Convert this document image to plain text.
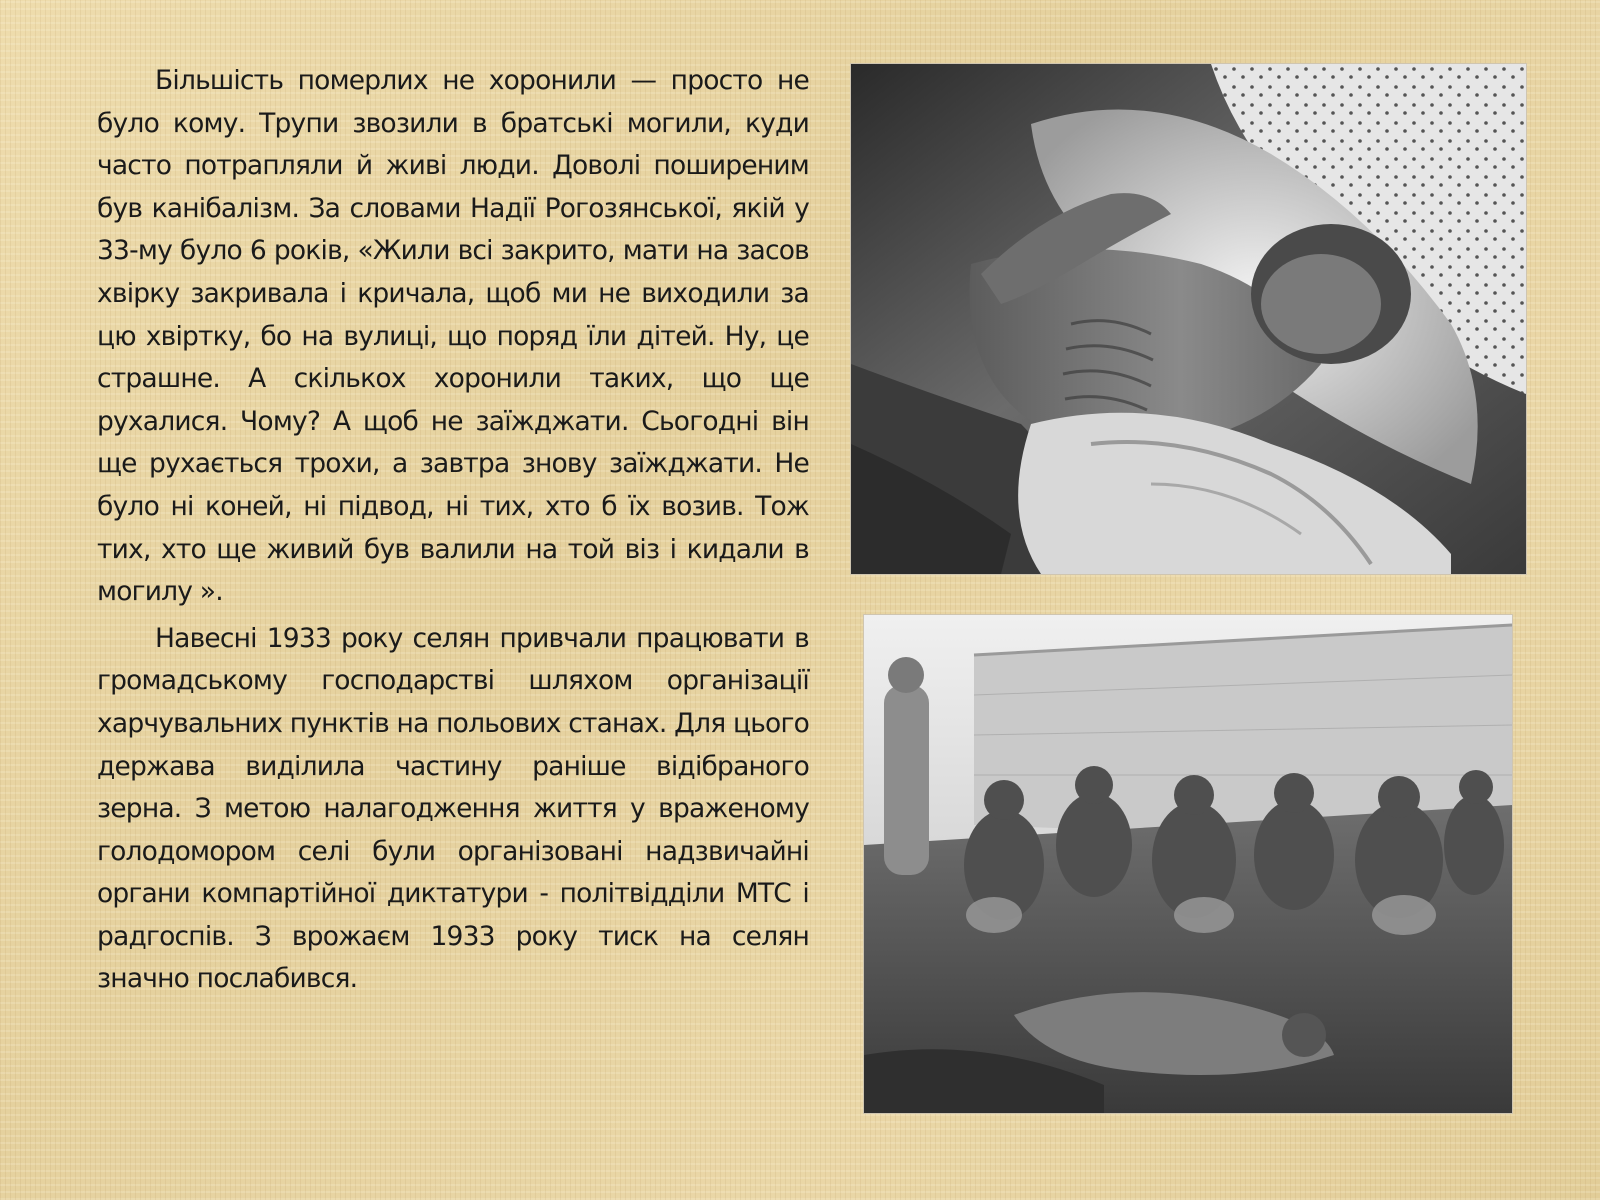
Більшість померлих не хоронили — просто не було кому. Трупи звозили в братські могили, куди часто потрапляли й живі люди. Доволі поширеним був канібалізм. За словами Надії Рогозянської, якій у 33-му було 6 років, «Жили всі закрито, мати на засов хвірку закривала і кричала, щоб ми не виходили за цю хвіртку, бо на вулиці, що поряд їли дітей. Ну, це страшне. А скількох хоронили таких, що ще рухалися. Чому? А щоб не заїжджати. Сьогодні він ще рухається трохи, а завтра знову заїжджати. Не було ні коней, ні підвод, ні тих, хто б їх возив. Тож тих, хто ще живий був валили на той віз і кидали в могилу ».

Навесні 1933 року селян привчали працювати в громадському господарстві шляхом організації харчувальних пунктів на польових станах. Для цього держава виділила частину раніше відібраного зерна. З метою налагодження життя у враженому голодомором селі були організовані надзвичайні органи компартійної диктатури - політвідділи МТС і радгоспів. З врожаєм 1933 року тиск на селян значно послабився.
